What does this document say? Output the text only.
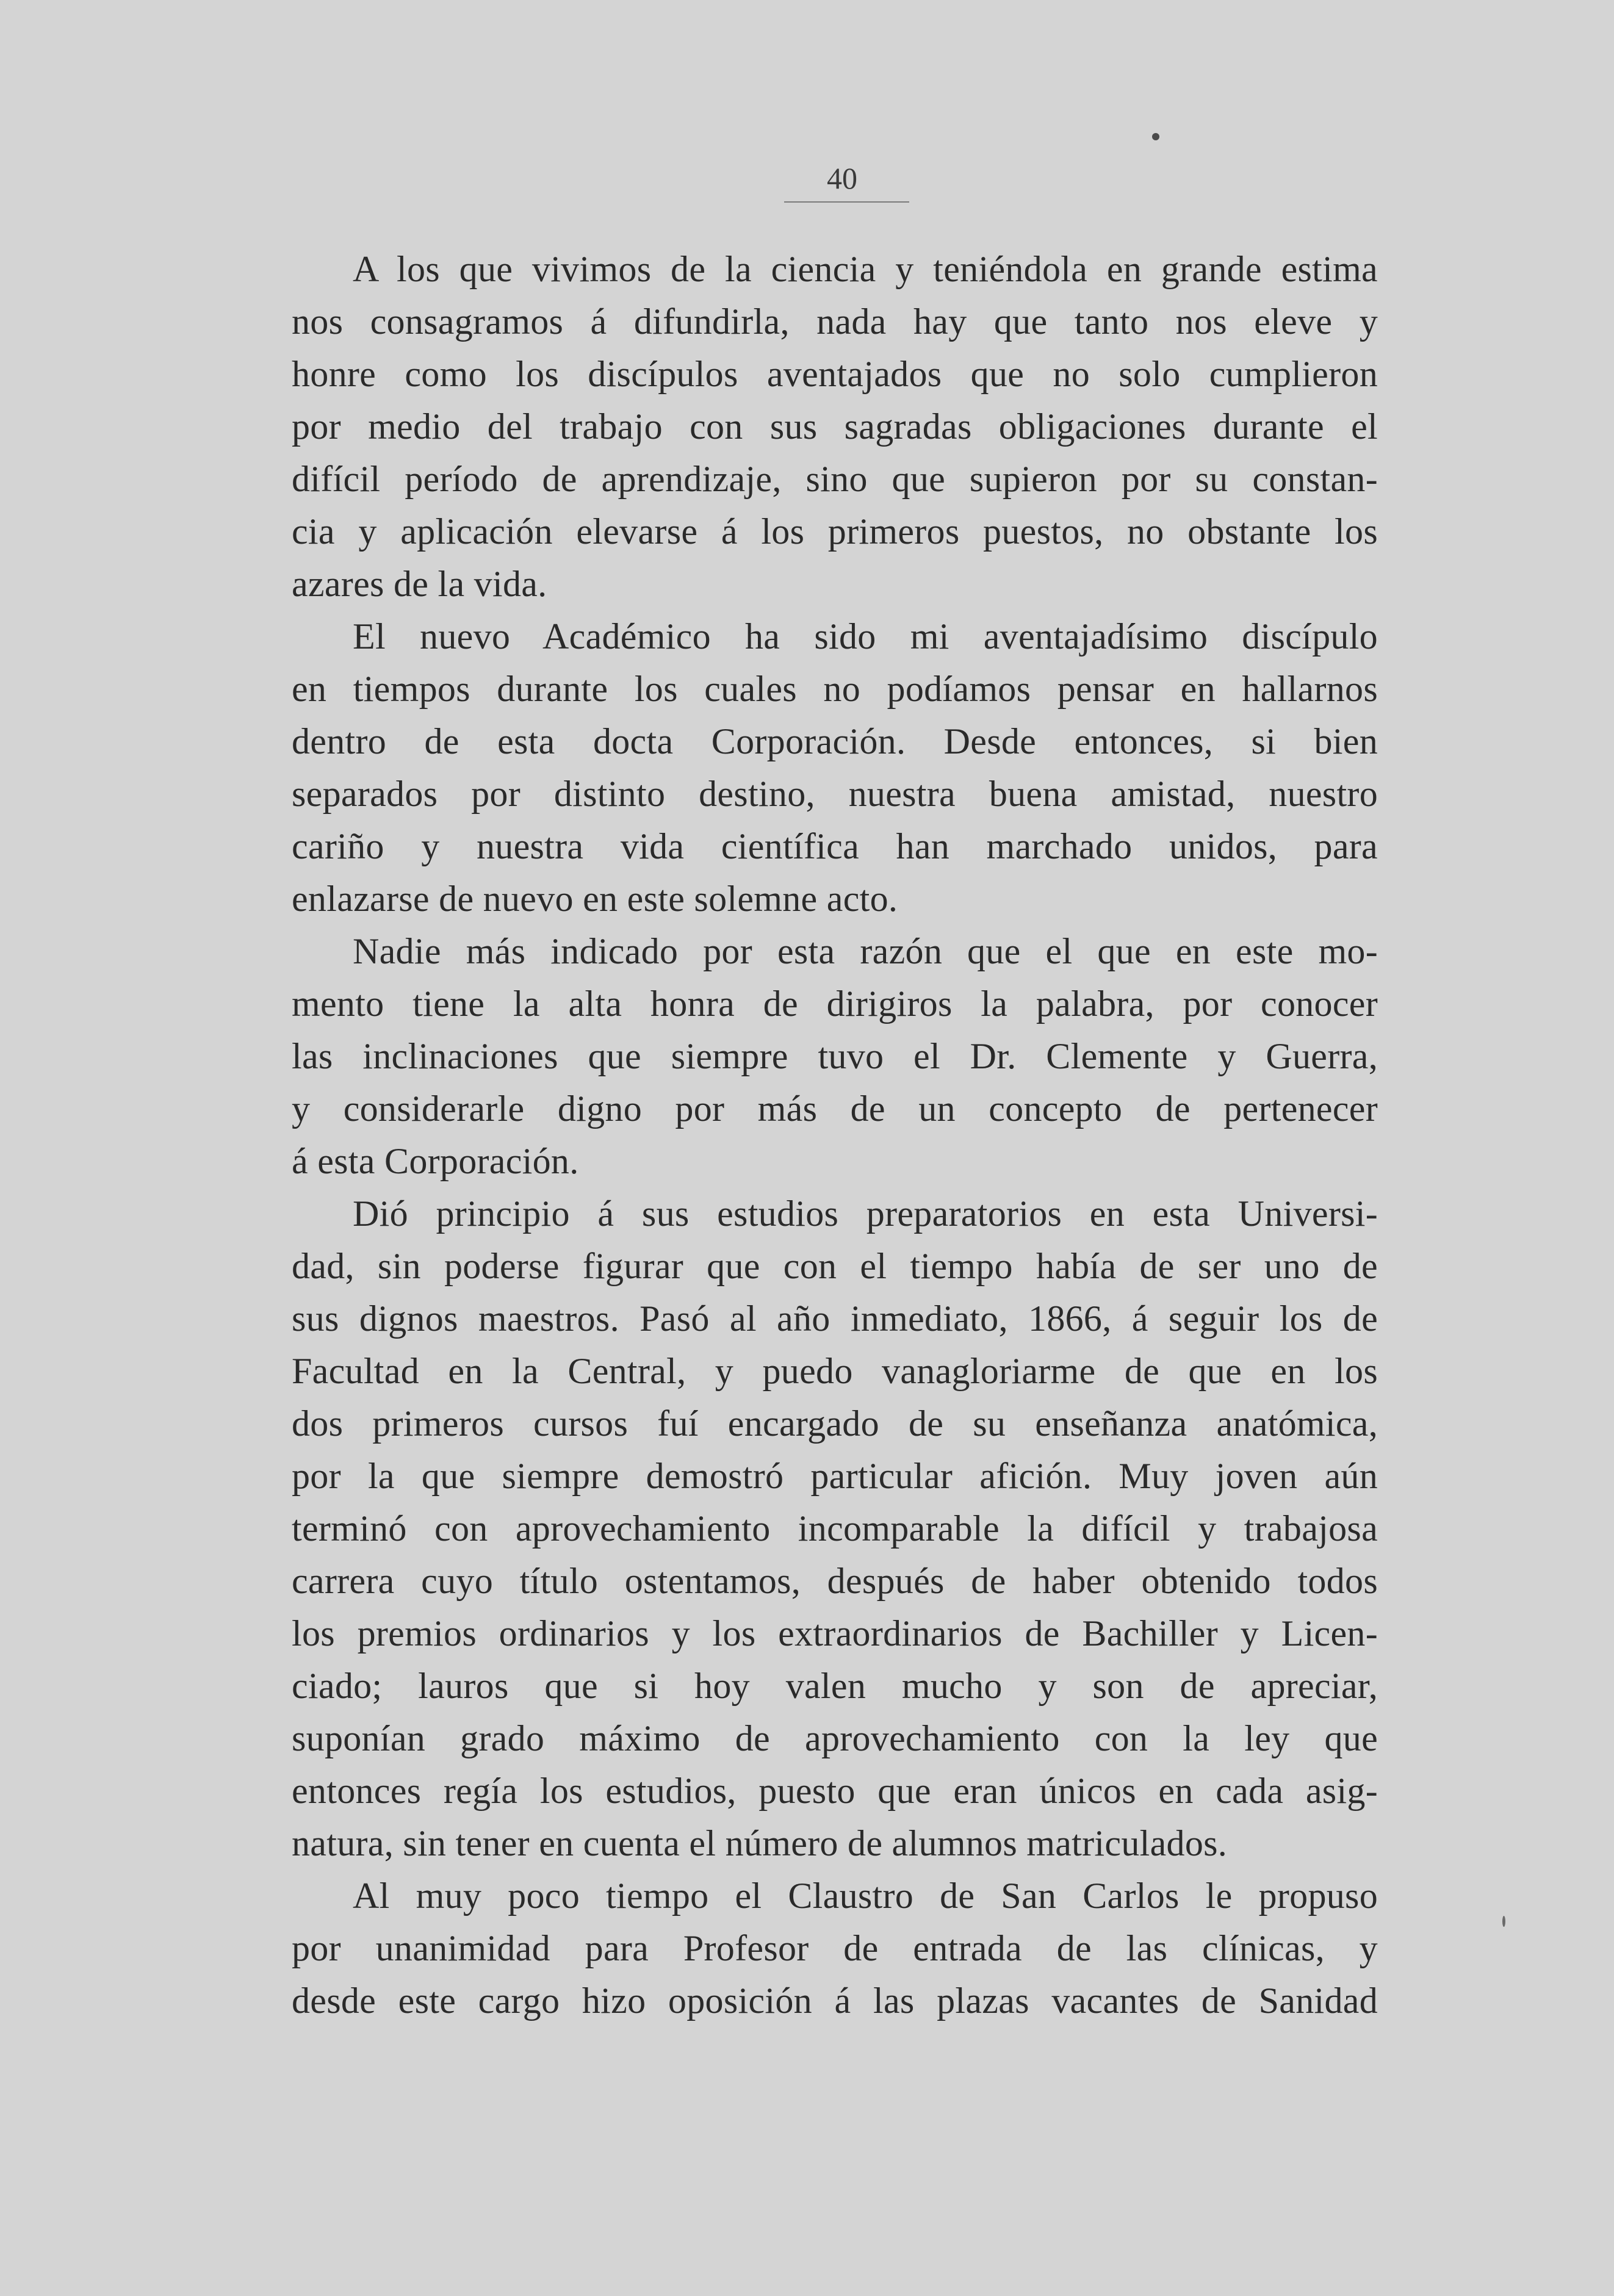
40
A los que vivimos de la ciencia y teniéndola en grande estima
nos consagramos á difundirla, nada hay que tanto nos eleve y
honre como los discípulos aventajados que no solo cumplieron
por medio del trabajo con sus sagradas obligaciones durante el
difícil período de aprendizaje, sino que supieron por su constan-
cia y aplicación elevarse á los primeros puestos, no obstante los
azares de la vida.
El nuevo Académico ha sido mi aventajadísimo discípulo
en tiempos durante los cuales no podíamos pensar en hallarnos
dentro de esta docta Corporación. Desde entonces, si bien
separados por distinto destino, nuestra buena amistad, nuestro
cariño y nuestra vida científica han marchado unidos, para
enlazarse de nuevo en este solemne acto.
Nadie más indicado por esta razón que el que en este mo-
mento tiene la alta honra de dirigiros la palabra, por conocer
las inclinaciones que siempre tuvo el Dr. Clemente y Guerra,
y considerarle digno por más de un concepto de pertenecer
á esta Corporación.
Dió principio á sus estudios preparatorios en esta Universi-
dad, sin poderse figurar que con el tiempo había de ser uno de
sus dignos maestros. Pasó al año inmediato, 1866, á seguir los de
Facultad en la Central, y puedo vanagloriarme de que en los
dos primeros cursos fuí encargado de su enseñanza anatómica,
por la que siempre demostró particular afición. Muy joven aún
terminó con aprovechamiento incomparable la difícil y trabajosa
carrera cuyo título ostentamos, después de haber obtenido todos
los premios ordinarios y los extraordinarios de Bachiller y Licen-
ciado; lauros que si hoy valen mucho y son de apreciar,
suponían grado máximo de aprovechamiento con la ley que
entonces regía los estudios, puesto que eran únicos en cada asig-
natura, sin tener en cuenta el número de alumnos matriculados.
Al muy poco tiempo el Claustro de San Carlos le propuso
por unanimidad para Profesor de entrada de las clínicas, y
desde este cargo hizo oposición á las plazas vacantes de Sanidad
